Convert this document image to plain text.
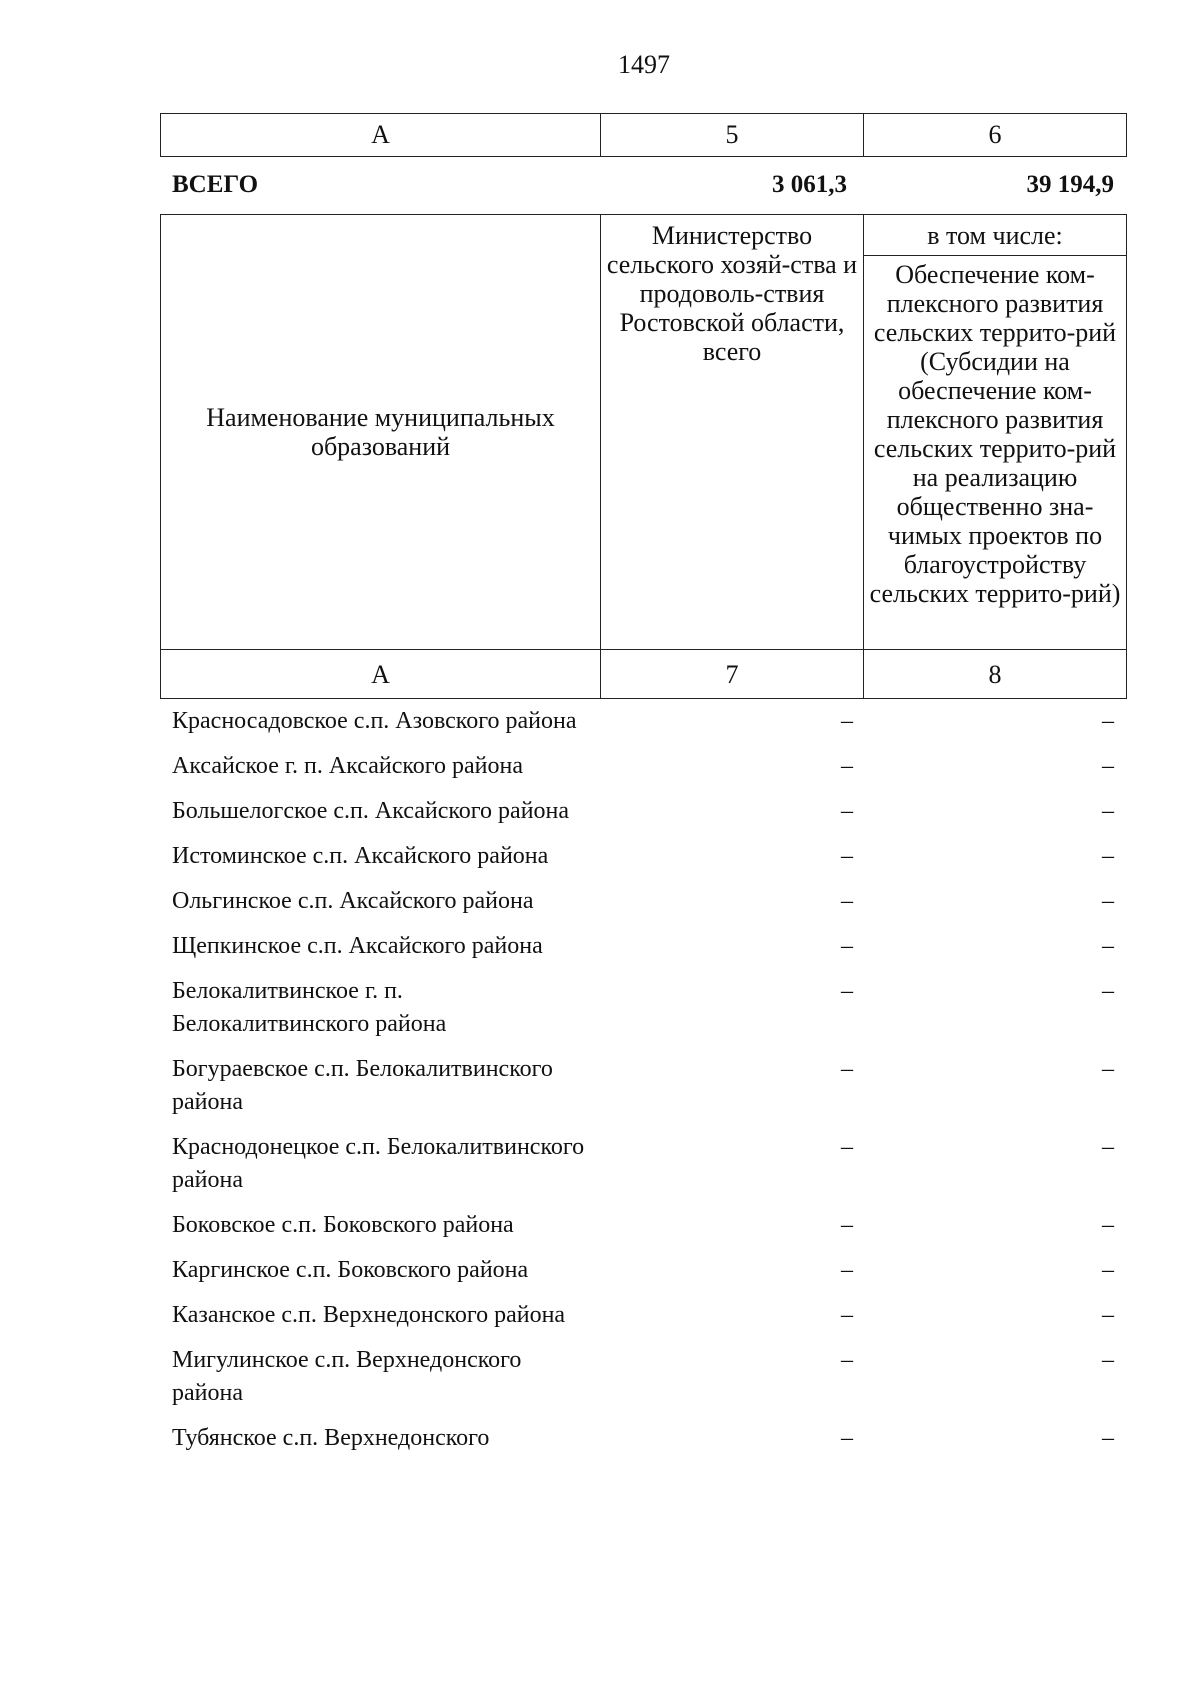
1497
А	5	6
ВСЕГО	3 061,3	39 194,9
Наименование муниципальных образований	Министерство сельского хозяй-ства и продоволь-ствия Ростовской области, всего	в том числе:
		Обеспечение ком-плексного развития сельских террито-рий (Субсидии на обеспечение ком-плексного развития сельских террито-рий на реализацию общественно зна-чимых проектов по благоустройству сельских террито-рий)
А	7	8
Красносадовское с.п. Азовского района	–	–
Аксайское г. п. Аксайского района	–	–
Большелогское с.п. Аксайского района	–	–
Истоминское с.п. Аксайского района	–	–
Ольгинское с.п. Аксайского района	–	–
Щепкинское с.п. Аксайского района	–	–
Белокалитвинское г. п. Белокалитвинского района	–	–
Богураевское с.п. Белокалитвинского района	–	–
Краснодонецкое с.п. Белокалитвинского района	–	–
Боковское с.п. Боковского района	–	–
Каргинское с.п. Боковского района	–	–
Казанское с.п. Верхнедонского района	–	–
Мигулинское с.п. Верхнедонского района	–	–
Тубянское с.п. Верхнедонского	–	–
